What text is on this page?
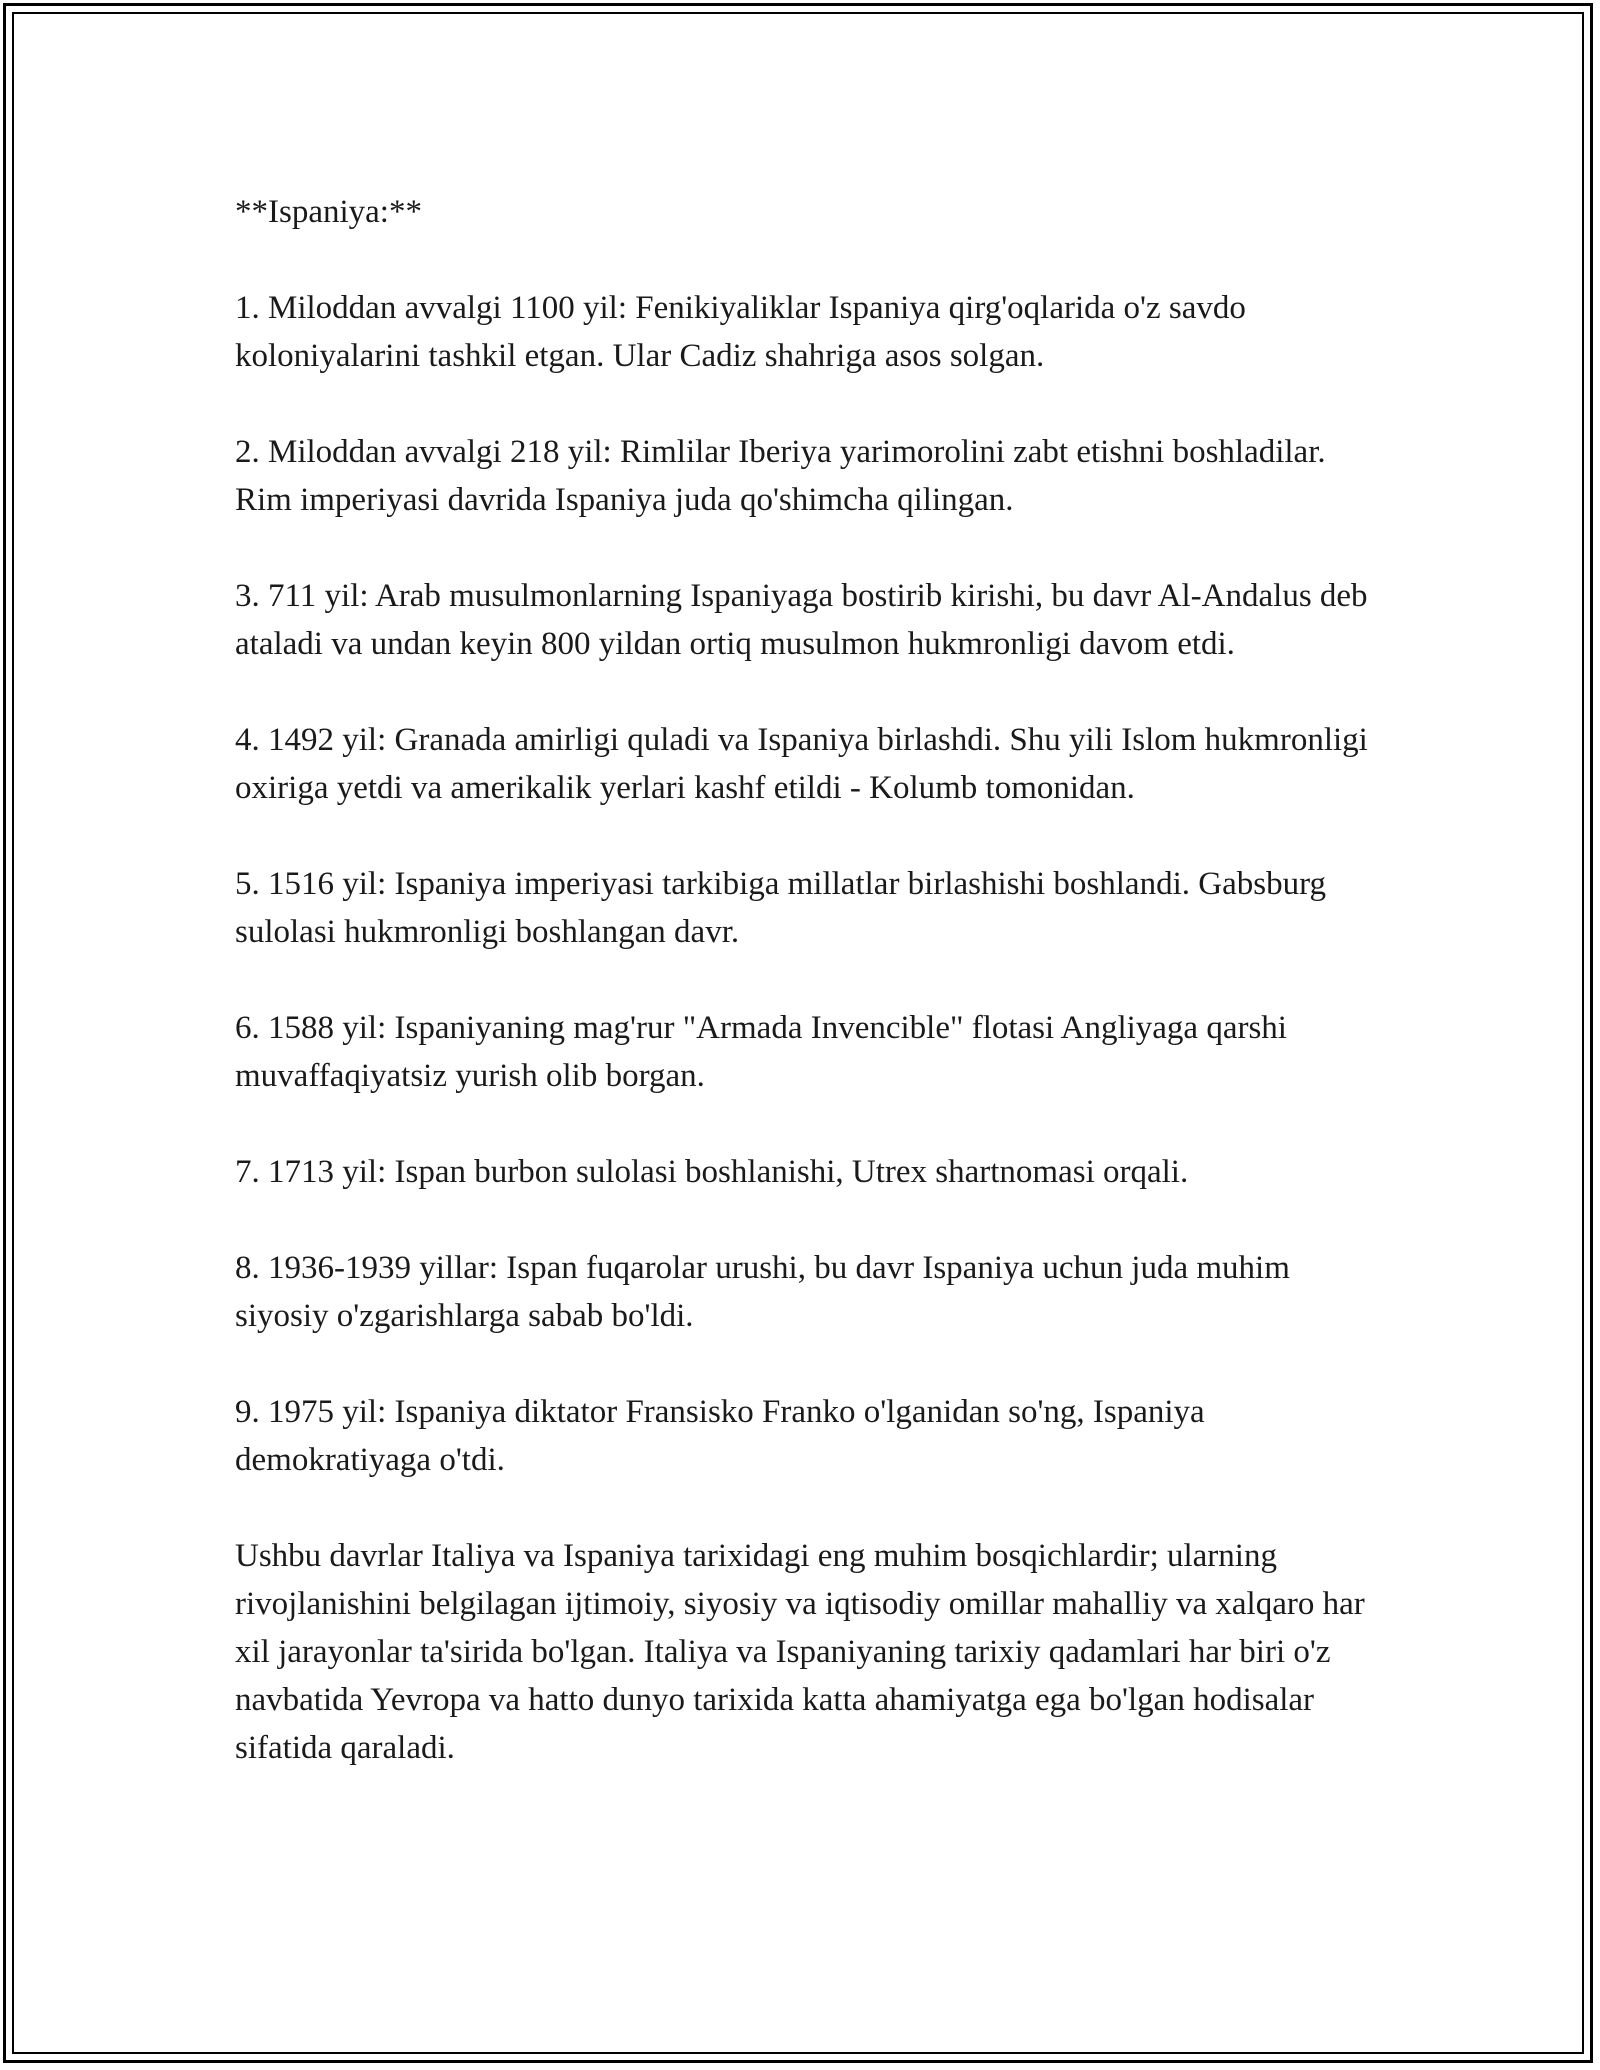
**Ispaniya:**

1. Miloddan avvalgi 1100 yil: Fenikiyaliklar Ispaniya qirg'oqlarida o'z savdo koloniyalarini tashkil etgan. Ular Cadiz shahriga asos solgan.

2. Miloddan avvalgi 218 yil: Rimlilar Iberiya yarimorolini zabt etishni boshladilar. Rim imperiyasi davrida Ispaniya juda qo'shimcha qilingan.

3. 711 yil: Arab musulmonlarning Ispaniyaga bostirib kirishi, bu davr Al-Andalus deb ataladi va undan keyin 800 yildan ortiq musulmon hukmronligi davom etdi.

4. 1492 yil: Granada amirligi quladi va Ispaniya birlashdi. Shu yili Islom hukmronligi oxiriga yetdi va amerikalik yerlari kashf etildi - Kolumb tomonidan.

5. 1516 yil: Ispaniya imperiyasi tarkibiga millatlar birlashishi boshlandi. Gabsburg sulolasi hukmronligi boshlangan davr.

6. 1588 yil: Ispaniyaning mag'rur "Armada Invencible" flotasi Angliyaga qarshi muvaffaqiyatsiz yurish olib borgan.

7. 1713 yil: Ispan burbon sulolasi boshlanishi, Utrex shartnomasi orqali.

8. 1936-1939 yillar: Ispan fuqarolar urushi, bu davr Ispaniya uchun juda muhim siyosiy o'zgarishlarga sabab bo'ldi.

9. 1975 yil: Ispaniya diktator Fransisko Franko o'lganidan so'ng, Ispaniya demokratiyaga o'tdi.

Ushbu davrlar Italiya va Ispaniya tarixidagi eng muhim bosqichlardir; ularning rivojlanishini belgilagan ijtimoiy, siyosiy va iqtisodiy omillar mahalliy va xalqaro har xil jarayonlar ta'sirida bo'lgan. Italiya va Ispaniyaning tarixiy qadamlari har biri o'z navbatida Yevropa va hatto dunyo tarixida katta ahamiyatga ega bo'lgan hodisalar sifatida qaraladi.
